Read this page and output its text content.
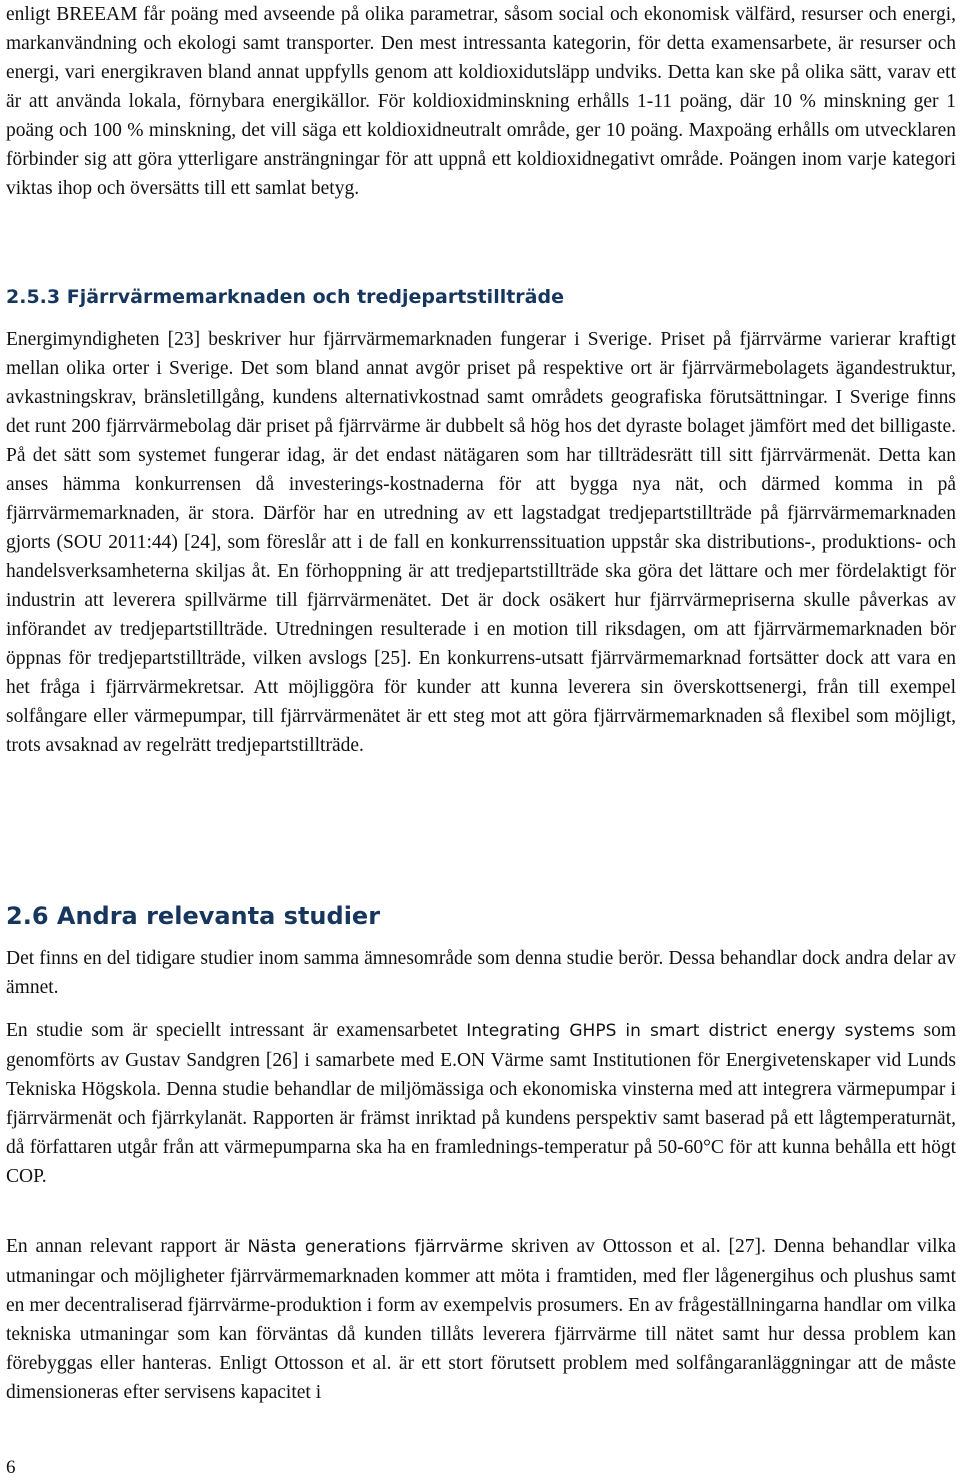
enligt BREEAM får poäng med avseende på olika parametrar, såsom social och ekonomisk välfärd, resurser och energi, markanvändning och ekologi samt transporter. Den mest intressanta kategorin, för detta examensarbete, är resurser och energi, vari energikraven bland annat uppfylls genom att koldioxidutsläpp undviks. Detta kan ske på olika sätt, varav ett är att använda lokala, förnybara energikällor. För koldioxidminskning erhålls 1-11 poäng, där 10 % minskning ger 1 poäng och 100 % minskning, det vill säga ett koldioxidneutralt område, ger 10 poäng. Maxpoäng erhålls om utvecklaren förbinder sig att göra ytterligare ansträngningar för att uppnå ett koldioxidnegativt område. Poängen inom varje kategori viktas ihop och översätts till ett samlat betyg.

2.5.3 Fjärrvärmemarknaden och tredjepartstillträde

Energimyndigheten [23] beskriver hur fjärrvärmemarknaden fungerar i Sverige. Priset på fjärrvärme varierar kraftigt mellan olika orter i Sverige. Det som bland annat avgör priset på respektive ort är fjärrvärmebolagets ägandestruktur, avkastningskrav, bränsletillgång, kundens alternativkostnad samt områdets geografiska förutsättningar. I Sverige finns det runt 200 fjärrvärmebolag där priset på fjärrvärme är dubbelt så hög hos det dyraste bolaget jämfört med det billigaste. På det sätt som systemet fungerar idag, är det endast nätägaren som har tillträdesrätt till sitt fjärrvärmenät. Detta kan anses hämma konkurrensen då investerings-kostnaderna för att bygga nya nät, och därmed komma in på fjärrvärmemarknaden, är stora. Därför har en utredning av ett lagstadgat tredjepartstillträde på fjärrvärmemarknaden gjorts (SOU 2011:44) [24], som föreslår att i de fall en konkurrenssituation uppstår ska distributions-, produktions- och handelsverksamheterna skiljas åt. En förhoppning är att tredjepartstillträde ska göra det lättare och mer fördelaktigt för industrin att leverera spillvärme till fjärrvärmenätet. Det är dock osäkert hur fjärrvärmepriserna skulle påverkas av införandet av tredjepartstillträde. Utredningen resulterade i en motion till riksdagen, om att fjärrvärmemarknaden bör öppnas för tredjepartstillträde, vilken avslogs [25]. En konkurrens-utsatt fjärrvärmemarknad fortsätter dock att vara en het fråga i fjärrvärmekretsar. Att möjliggöra för kunder att kunna leverera sin överskottsenergi, från till exempel solfångare eller värmepumpar, till fjärrvärmenätet är ett steg mot att göra fjärrvärmemarknaden så flexibel som möjligt, trots avsaknad av regelrätt tredjepartstillträde.

2.6 Andra relevanta studier

Det finns en del tidigare studier inom samma ämnesområde som denna studie berör. Dessa behandlar dock andra delar av ämnet.

En studie som är speciellt intressant är examensarbetet Integrating GHPS in smart district energy systems som genomförts av Gustav Sandgren [26] i samarbete med E.ON Värme samt Institutionen för Energivetenskaper vid Lunds Tekniska Högskola. Denna studie behandlar de miljömässiga och ekonomiska vinsterna med att integrera värmepumpar i fjärrvärmenät och fjärrkylanät. Rapporten är främst inriktad på kundens perspektiv samt baserad på ett lågtemperaturnät, då författaren utgår från att värmepumparna ska ha en framlednings-temperatur på 50-60°C för att kunna behålla ett högt COP.

En annan relevant rapport är Nästa generations fjärrvärme skriven av Ottosson et al. [27]. Denna behandlar vilka utmaningar och möjligheter fjärrvärmemarknaden kommer att möta i framtiden, med fler lågenergihus och plushus samt en mer decentraliserad fjärrvärme-produktion i form av exempelvis prosumers. En av frågeställningarna handlar om vilka tekniska utmaningar som kan förväntas då kunden tillåts leverera fjärrvärme till nätet samt hur dessa problem kan förebyggas eller hanteras. Enligt Ottosson et al. är ett stort förutsett problem med solfångaranläggningar att de måste dimensioneras efter servisens kapacitet i

6
